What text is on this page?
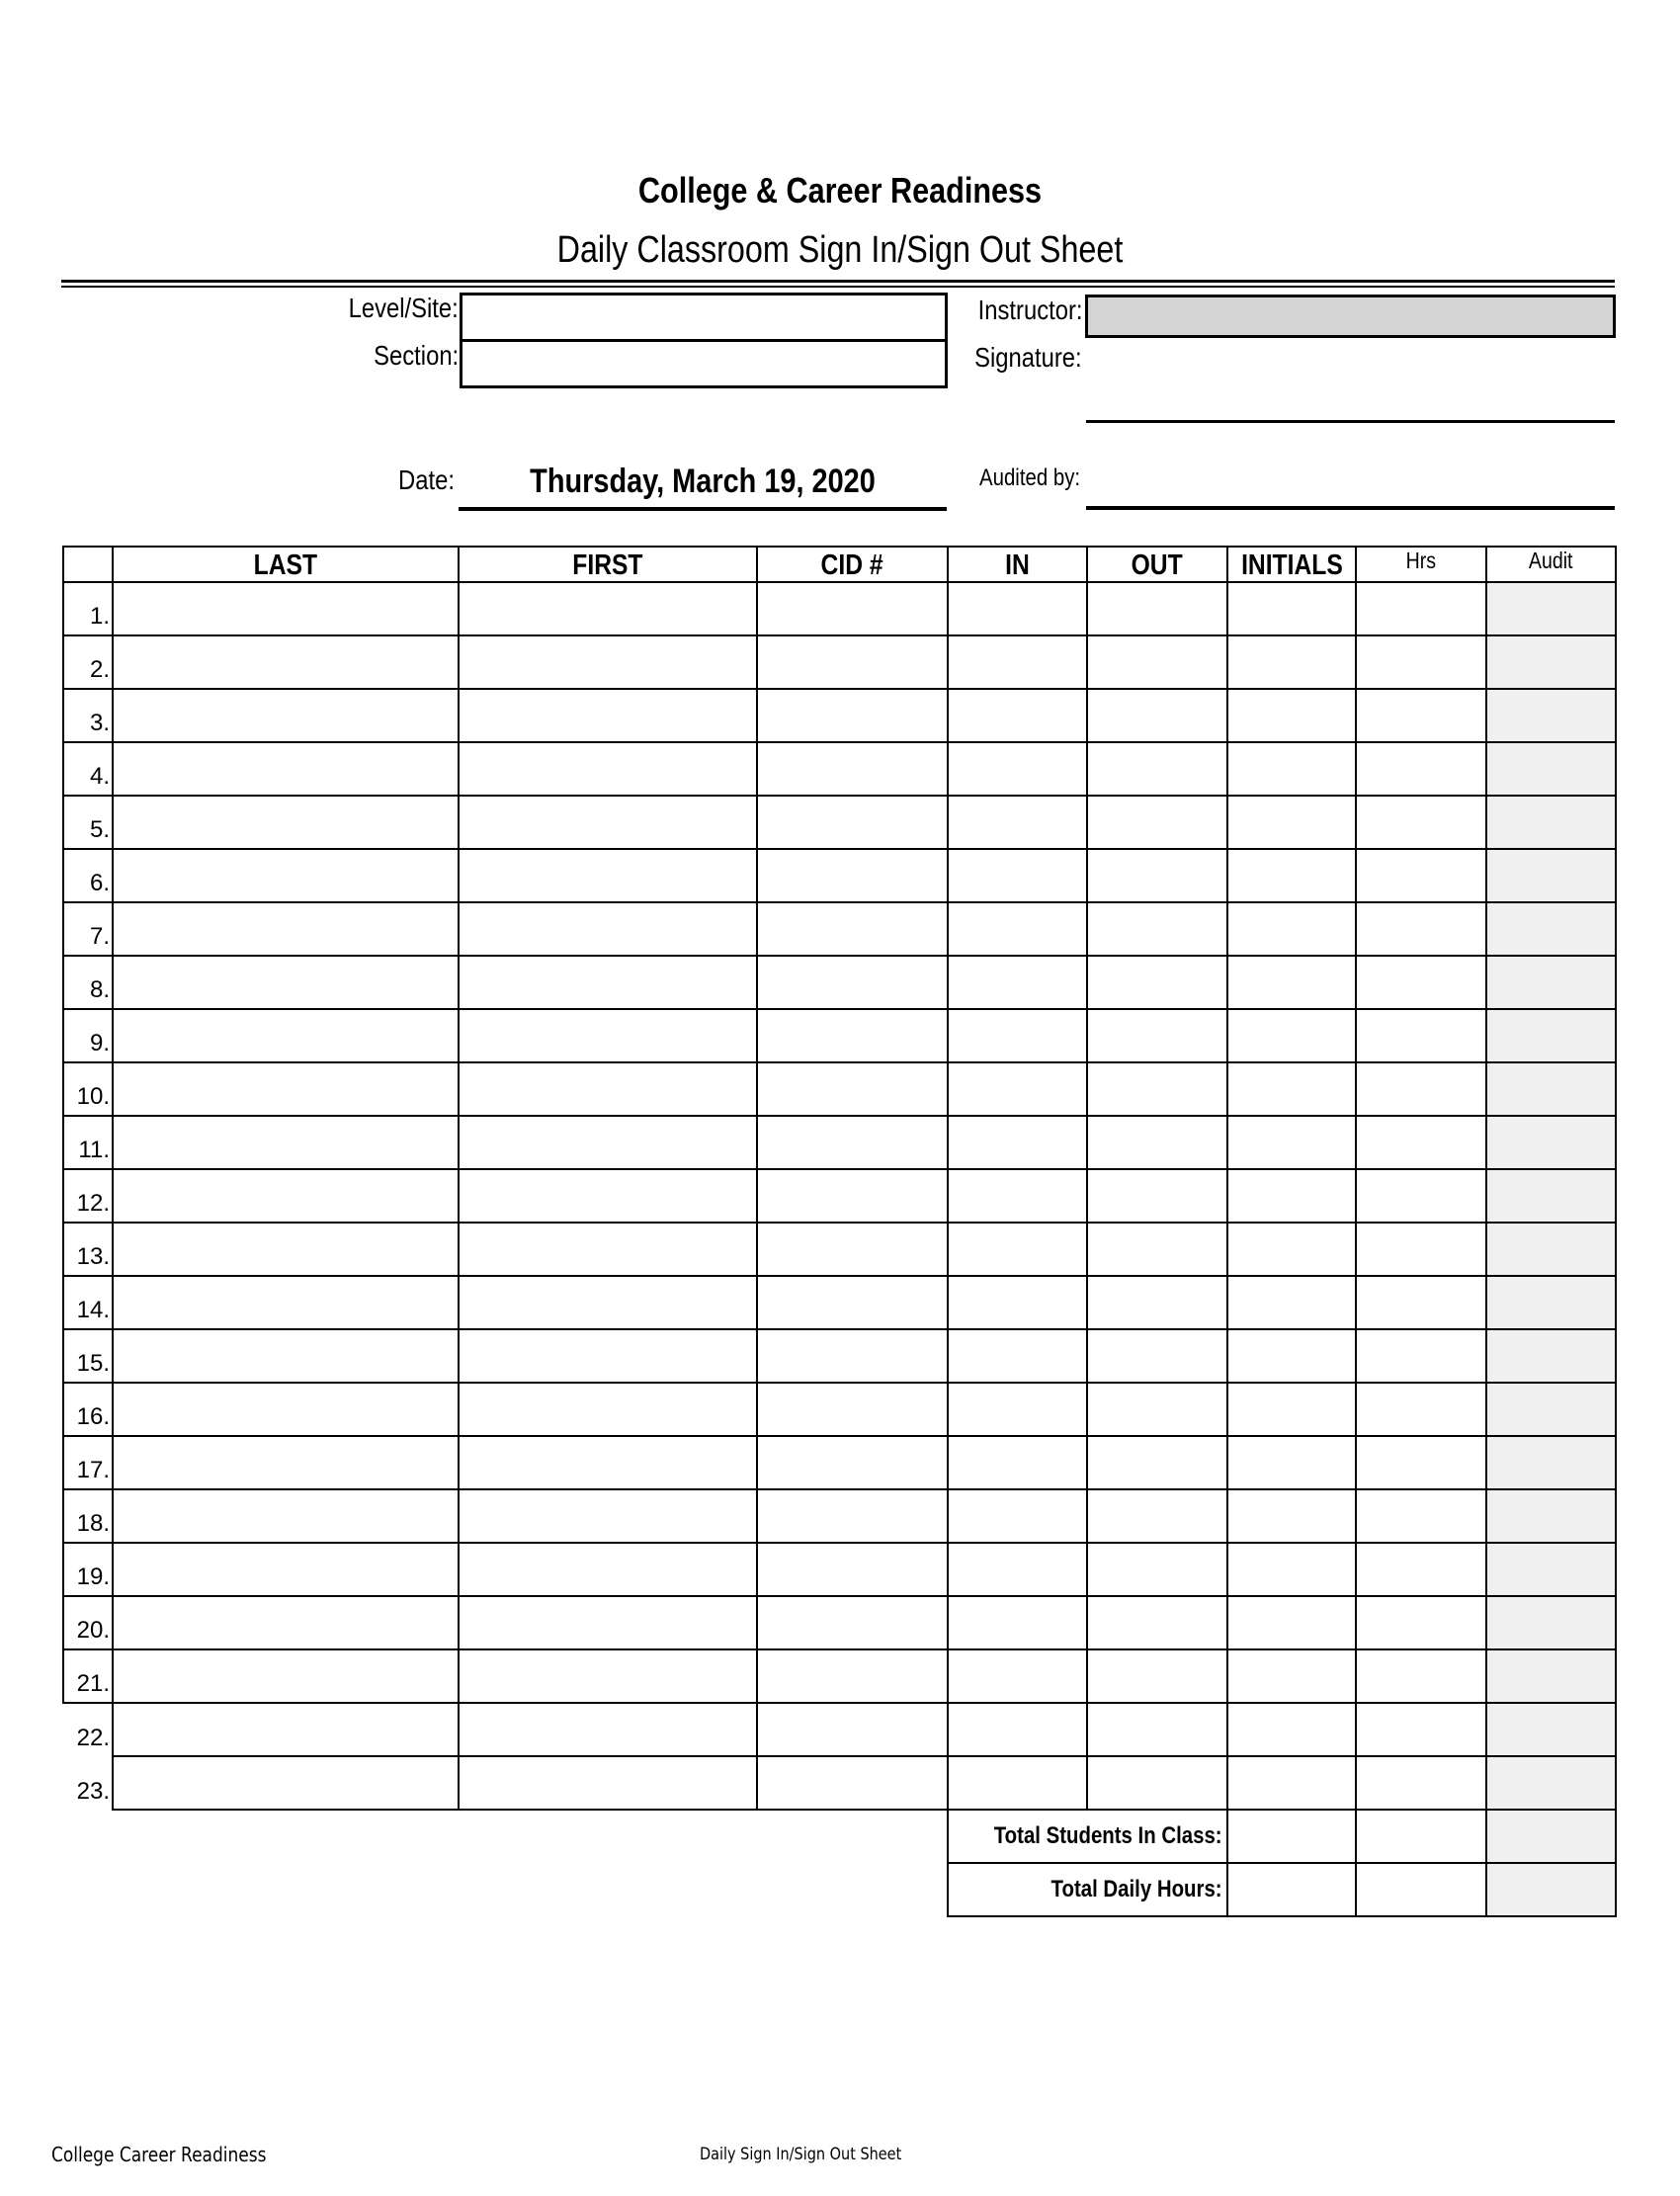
College & Career Readiness
Daily Classroom Sign In/Sign Out Sheet
Level/Site:
Section:
Instructor:
Signature:
Date:	Thursday, March 19, 2020	Audited by:
	LAST	FIRST	CID #	IN	OUT	INITIALS	Hrs	Audit
1.								
2.								
3.								
4.								
5.								
6.								
7.								
8.								
9.								
10.								
11.								
12.								
13.								
14.								
15.								
16.								
17.								
18.								
19.								
20.								
21.								
22.								
23.								
				Total Students In Class:				
				Total Daily Hours:				
College Career Readiness	Daily Sign In/Sign Out Sheet
